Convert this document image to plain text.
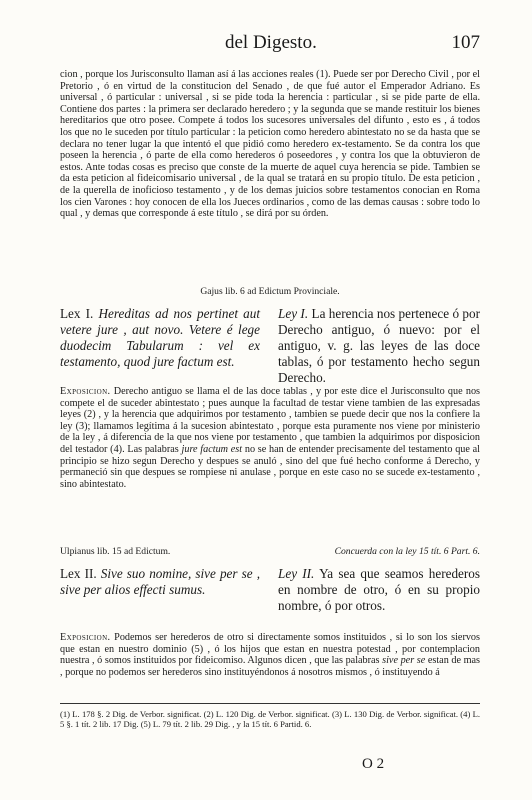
del Digesto.	107
cion , porque los Jurisconsulto llaman así á las acciones reales (1). Puede ser por Derecho Civil , por el Pretorio , ó en virtud de la constitucion del Senado , de que fué autor el Emperador Adriano. Es universal , ó particular : universal , si se pide toda la herencia : particular , si se pide parte de ella. Contiene dos partes : la primera ser declarado heredero ; y la segunda que se mande restituir los bienes hereditarios que otro posee. Compete á todos los sucesores universales del difunto , esto es , á todos los que no le suceden por título particular : la peticion como heredero abintestato no se da hasta que se declara no tener lugar la que intentó el que pidió como heredero ex-testamento. Se da contra los que poseen la herencia , ó parte de ella como herederos ó poseedores , y contra los que la obtuvieron de estos. Ante todas cosas es preciso que conste de la muerte de aquel cuya herencia se pide. Tambien se da esta peticion al fideicomisario universal , de la qual se tratará en su propio título. De esta peticion , de la querella de inoficioso testamento , y de los demas juicios sobre testamentos conocian en Roma los cien Varones : hoy conocen de ella los Jueces ordinarios , como de las demas causas : sobre todo lo qual , y demas que corresponde á este título , se dirá por su órden.
Gajus lib. 6 ad Edictum Provinciale.
Lex I. Hereditas ad nos pertinet aut vetere jure , aut novo. Vetere é lege duodecim Tabularum : vel ex testamento, quod jure factum est.
Ley I. La herencia nos pertenece ó por Derecho antiguo, ó nuevo: por el antiguo, v. g. las leyes de las doce tablas, ó por testamento hecho segun Derecho.
Exposicion. Derecho antiguo se llama el de las doce tablas , y por este dice el Jurisconsulto que nos compete el de suceder abintestato ; pues aunque la facultad de testar viene tambien de las expresadas leyes (2) , y la herencia que adquirimos por testamento , tambien se puede decir que nos la confiere la ley (3); llamamos legítima á la sucesion abintestato , porque esta puramente nos viene por ministerio de la ley , á diferencia de la que nos viene por testamento , que tambien la adquirimos por disposicion del testador (4). Las palabras jure factum est no se han de entender precisamente del testamento que al principio se hizo segun Derecho y despues se anuló , sino del que fué hecho conforme á Derecho, y permaneció sin que despues se rompiese ni anulase , porque en este caso no se sucede ex-testamento , sino abintestato.
Ulpianus lib. 15 ad Edictum.	Concuerda con la ley 15 tít. 6 Part. 6.
Lex II. Sive suo nomine, sive per se , sive per alios effecti sumus.
Ley II. Ya sea que seamos herederos en nombre de otro, ó en su propio nombre, ó por otros.
Exposicion. Podemos ser herederos de otro si directamente somos instituidos , si lo son los siervos que estan en nuestro dominio (5) , ó los hijos que estan en nuestra potestad , por contemplacion nuestra , ó somos instituidos por fideicomiso. Algunos dicen , que las palabras sive per se estan de mas , porque no podemos ser herederos sino instituyéndonos á nosotros mismos , ó instituyendo á
(1) L. 178 §. 2 Dig. de Verbor. significat. (2) L. 120 Dig. de Verbor. significat. (3) L. 130 Dig. de Verbor. significat. (4) L. 5 §. 1 tít. 2 lib. 17 Dig. (5) L. 79 tít. 2 lib. 29 Dig. , y la 15 tít. 6 Partid. 6.
O 2
